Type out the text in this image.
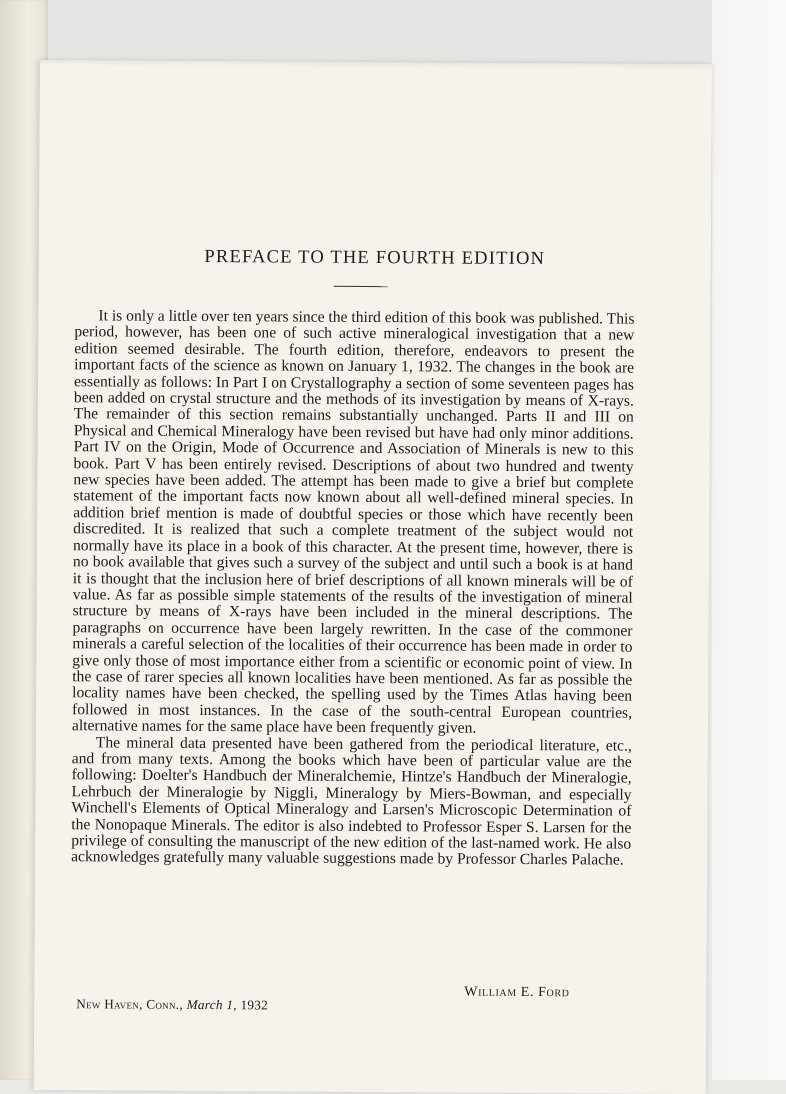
PREFACE TO THE FOURTH EDITION

It is only a little over ten years since the third edition of this book was published. This period, however, has been one of such active mineralogical investigation that a new edition seemed desirable. The fourth edition, therefore, endeavors to present the important facts of the science as known on January 1, 1932. The changes in the book are essentially as follows: In Part I on Crystallography a section of some seventeen pages has been added on crystal structure and the methods of its investigation by means of X-rays. The remainder of this section remains substantially unchanged. Parts II and III on Physical and Chemical Mineralogy have been revised but have had only minor additions. Part IV on the Origin, Mode of Occurrence and Association of Minerals is new to this book. Part V has been entirely revised. Descriptions of about two hundred and twenty new species have been added. The attempt has been made to give a brief but complete statement of the important facts now known about all well-defined mineral species. In addition brief mention is made of doubtful species or those which have recently been discredited. It is realized that such a complete treatment of the subject would not normally have its place in a book of this character. At the present time, however, there is no book available that gives such a survey of the subject and until such a book is at hand it is thought that the inclusion here of brief descriptions of all known minerals will be of value. As far as possible simple statements of the results of the investigation of mineral structure by means of X-rays have been included in the mineral descriptions. The paragraphs on occurrence have been largely rewritten. In the case of the commoner minerals a careful selection of the localities of their occurrence has been made in order to give only those of most importance either from a scientific or economic point of view. In the case of rarer species all known localities have been mentioned. As far as possible the locality names have been checked, the spelling used by the Times Atlas having been followed in most instances. In the case of the south-central European countries, alternative names for the same place have been frequently given.

The mineral data presented have been gathered from the periodical literature, etc., and from many texts. Among the books which have been of particular value are the following: Doelter's Handbuch der Mineralchemie, Hintze's Handbuch der Mineralogie, Lehrbuch der Mineralogie by Niggli, Mineralogy by Miers-Bowman, and especially Winchell's Elements of Optical Mineralogy and Larsen's Microscopic Determination of the Nonopaque Minerals. The editor is also indebted to Professor Esper S. Larsen for the privilege of consulting the manuscript of the new edition of the last-named work. He also acknowledges gratefully many valuable suggestions made by Professor Charles Palache.

William E. Ford
New Haven, Conn., March 1, 1932
